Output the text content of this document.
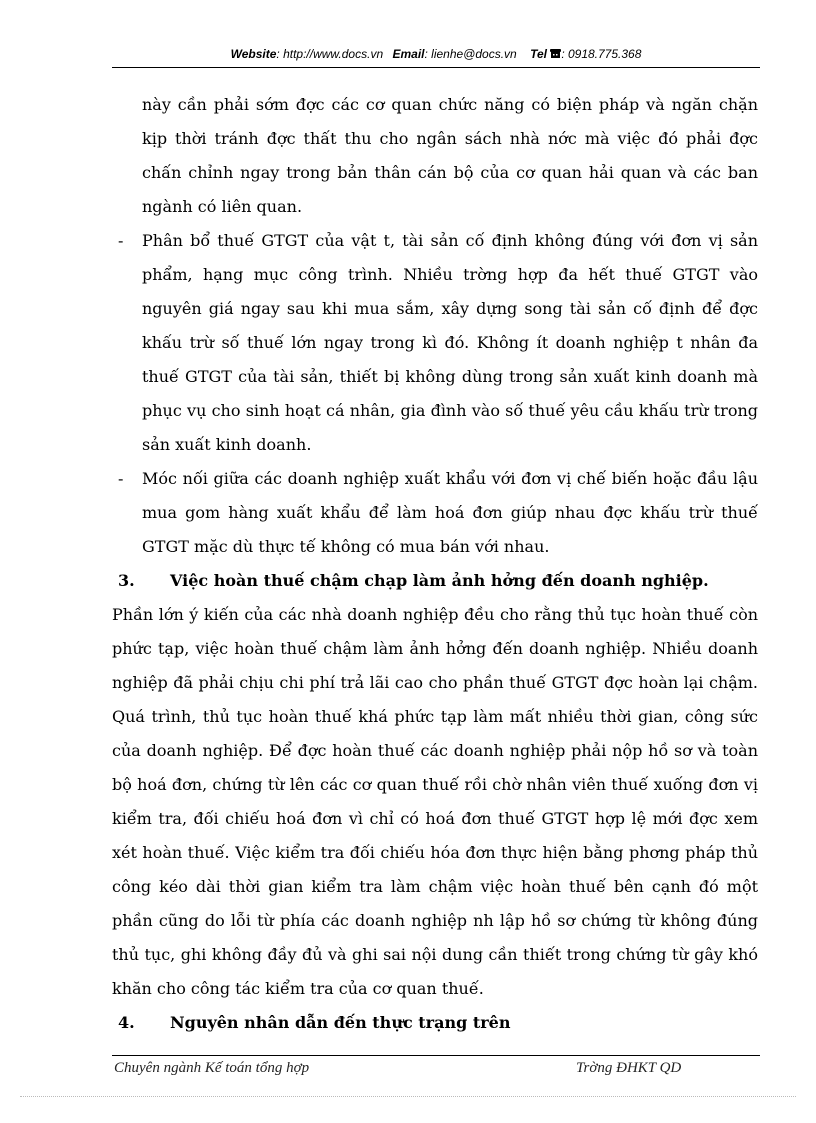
Website: http://www.docs.vn Email: lienhe@docs.vn Tel : 0918.775.368

này cần phải sớm đợc các cơ quan chức năng có biện pháp và ngăn chặn kịp thời tránh đợc thất thu cho ngân sách nhà nớc mà việc đó phải đợc chấn chỉnh ngay trong bản thân cán bộ của cơ quan hải quan và các ban ngành có liên quan.

- Phân bổ thuế GTGT của vật t, tài sản cố định không đúng với đơn vị sản phẩm, hạng mục công trình. Nhiều trờng hợp đa hết thuế GTGT vào nguyên giá ngay sau khi mua sắm, xây dựng song tài sản cố định để đợc khấu trừ số thuế lớn ngay trong kì đó. Không ít doanh nghiệp t nhân đa thuế GTGT của tài sản, thiết bị không dùng trong sản xuất kinh doanh mà phục vụ cho sinh hoạt cá nhân, gia đình vào số thuế yêu cầu khấu trừ trong sản xuất kinh doanh.

- Móc nối giữa các doanh nghiệp xuất khẩu với đơn vị chế biến hoặc đầu lậu mua gom hàng xuất khẩu để làm hoá đơn giúp nhau đợc khấu trừ thuế GTGT mặc dù thực tế không có mua bán với nhau.

3.	Việc hoàn thuế chậm chạp làm ảnh hởng đến doanh nghiệp.

Phần lớn ý kiến của các nhà doanh nghiệp đều cho rằng thủ tục hoàn thuế còn phức tạp, việc hoàn thuế chậm làm ảnh hởng đến doanh nghiệp. Nhiều doanh nghiệp đã phải chịu chi phí trả lãi cao cho phần thuế GTGT đợc hoàn lại chậm. Quá trình, thủ tục hoàn thuế khá phức tạp làm mất nhiều thời gian, công sức của doanh nghiệp. Để đợc hoàn thuế các doanh nghiệp phải nộp hồ sơ và toàn bộ hoá đơn, chứng từ lên các cơ quan thuế rồi chờ nhân viên thuế xuống đơn vị kiểm tra, đối chiếu hoá đơn vì chỉ có hoá đơn thuế GTGT hợp lệ mới đợc xem xét hoàn thuế. Việc kiểm tra đối chiếu hóa đơn thực hiện bằng phơng pháp thủ công kéo dài thời gian kiểm tra làm chậm việc hoàn thuế bên cạnh đó một phần cũng do lỗi từ phía các doanh nghiệp nh lập hồ sơ chứng từ không đúng thủ tục, ghi không đầy đủ và ghi sai nội dung cần thiết trong chứng từ gây khó khăn cho công tác kiểm tra của cơ quan thuế.

4.	Nguyên nhân dẫn đến thực trạng trên

Chuyên ngành Kế toán tổng hợp	Trờng ĐHKT QD
